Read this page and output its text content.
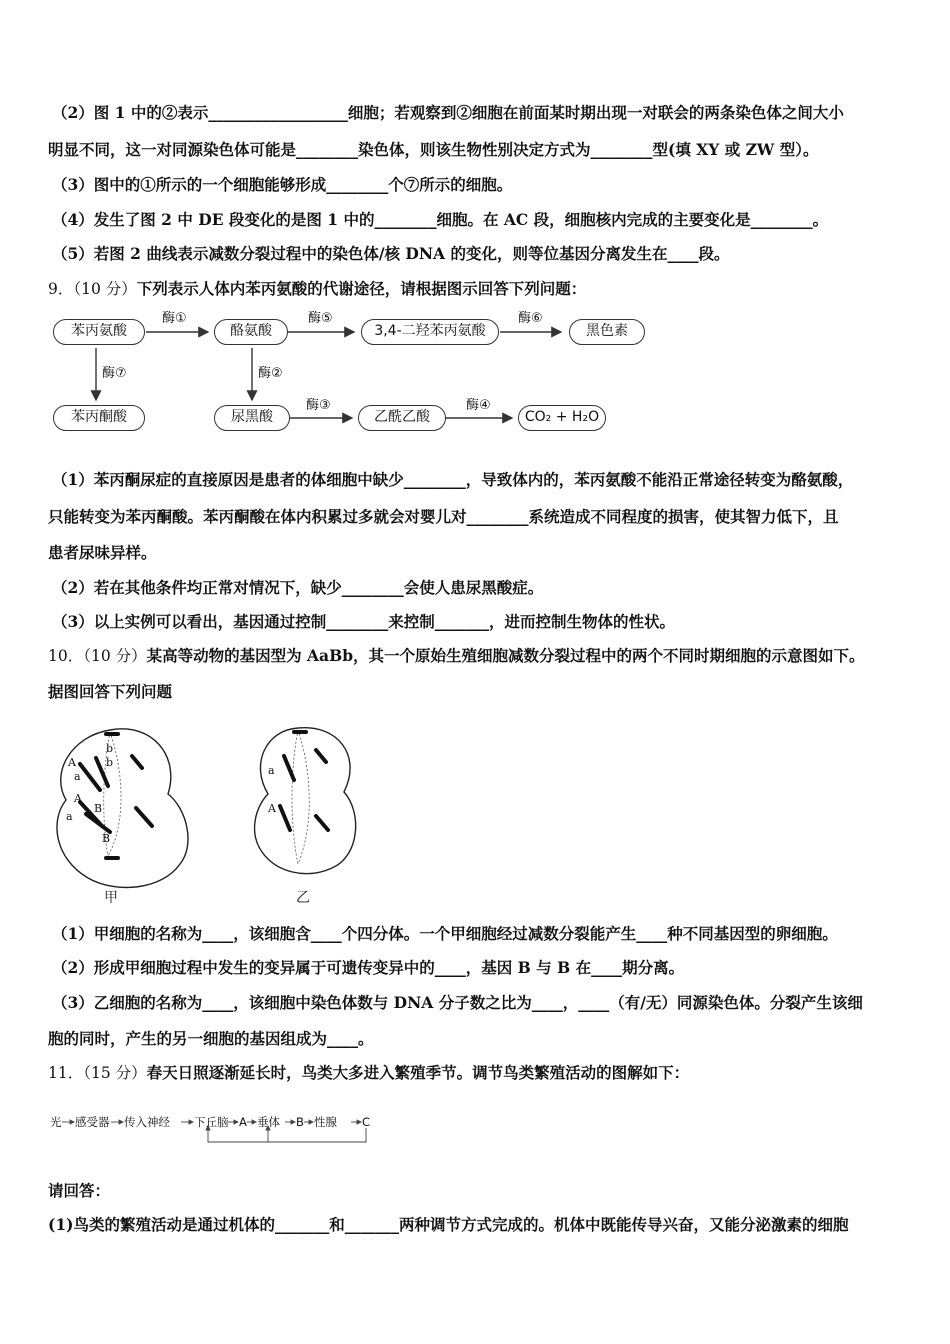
（2）图 1 中的②表示__________________细胞；若观察到②细胞在前面某时期出现一对联会的两条染色体之间大小
明显不同，这一对同源染色体可能是________染色体，则该生物性别决定方式为________型(填 XY 或 ZW 型）。
（3）图中的①所示的一个细胞能够形成________个⑦所示的细胞。
（4）发生了图 2 中 DE 段变化的是图 1 中的________细胞。在 AC 段，细胞核内完成的主要变化是________。
（5）若图 2 曲线表示减数分裂过程中的染色体/核 DNA 的变化，则等位基因分离发生在____段。
9．（10 分）下列表示人体内苯丙氨酸的代谢途径，请根据图示回答下列问题：
苯丙氨酸	酪氨酸	3,4-二羟苯丙氨酸	黑色素
苯丙酮酸	尿黑酸	乙酰乙酸	CO₂ + H₂O
酶①	酶⑤	酶⑥
酶⑦	酶②
酶③	酶④
（1）苯丙酮尿症的直接原因是患者的体细胞中缺少________，导致体内的，苯丙氨酸不能沿正常途径转变为酪氨酸，
只能转变为苯丙酮酸。苯丙酮酸在体内积累过多就会对婴儿对________系统造成不同程度的损害，使其智力低下，且
患者尿味异样。
（2）若在其他条件均正常对情况下，缺少________会使人患尿黑酸症。
（3）以上实例可以看出，基因通过控制________来控制_______，进而控制生物体的性状。
10．（10 分）某高等动物的基因型为 AaBb，其一个原始生殖细胞减数分裂过程中的两个不同时期细胞的示意图如下。
据图回答下列问题
A
a
b
b
a
A
B
B
甲
a
A
乙
（1）甲细胞的名称为____，该细胞含____个四分体。一个甲细胞经过减数分裂能产生____种不同基因型的卵细胞。
（2）形成甲细胞过程中发生的变异属于可遗传变异中的____，基因 B 与 B 在____期分离。
（3）乙细胞的名称为____，该细胞中染色体数与 DNA 分子数之比为____，____（有/无）同源染色体。分裂产生该细
胞的同时，产生的另一细胞的基因组成为____。
11．（15 分）春天日照逐渐延长时，鸟类大多进入繁殖季节。调节鸟类繁殖活动的图解如下：
光 感受器 传入神经 下丘脑 A 垂体 B 性腺 C
请回答：
(1)鸟类的繁殖活动是通过机体的_______和_______两种调节方式完成的。机体中既能传导兴奋，又能分泌激素的细胞
